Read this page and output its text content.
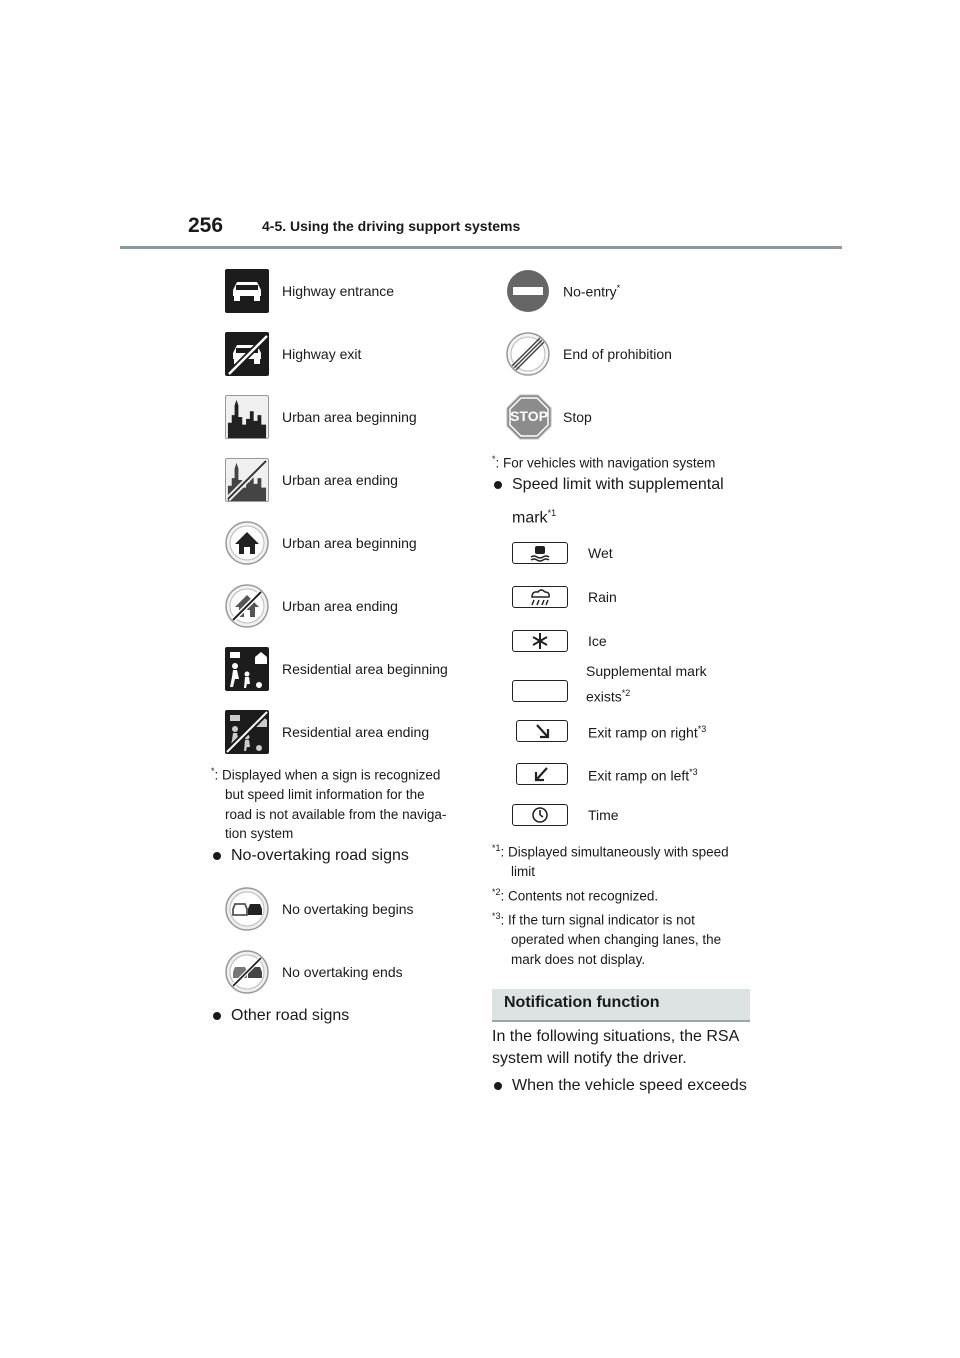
256	4-5. Using the driving support systems
Highway entrance
Highway exit
Urban area beginning
Urban area ending
Urban area beginning
Urban area ending
Residential area beginning
Residential area ending
*: Displayed when a sign is recognized
but speed limit information for the
road is not available from the naviga-
tion system
No-overtaking road signs
No overtaking begins
No overtaking ends
Other road signs
No-entry*
End of prohibition
STOP Stop
*: For vehicles with navigation system
Speed limit with supplemental
mark$^{*1}$
Wet
Rain
Ice
Supplemental mark
exists$^{*2}$
Exit ramp on right$^{*3}$
Exit ramp on left$^{*3}$
Time
$^{*1}$: Displayed simultaneously with speed
limit
$^{*2}$: Contents not recognized.
$^{*3}$: If the turn signal indicator is not
operated when changing lanes, the
mark does not display.
Notification function
In the following situations, the RSA
system will notify the driver.
When the vehicle speed exceeds
